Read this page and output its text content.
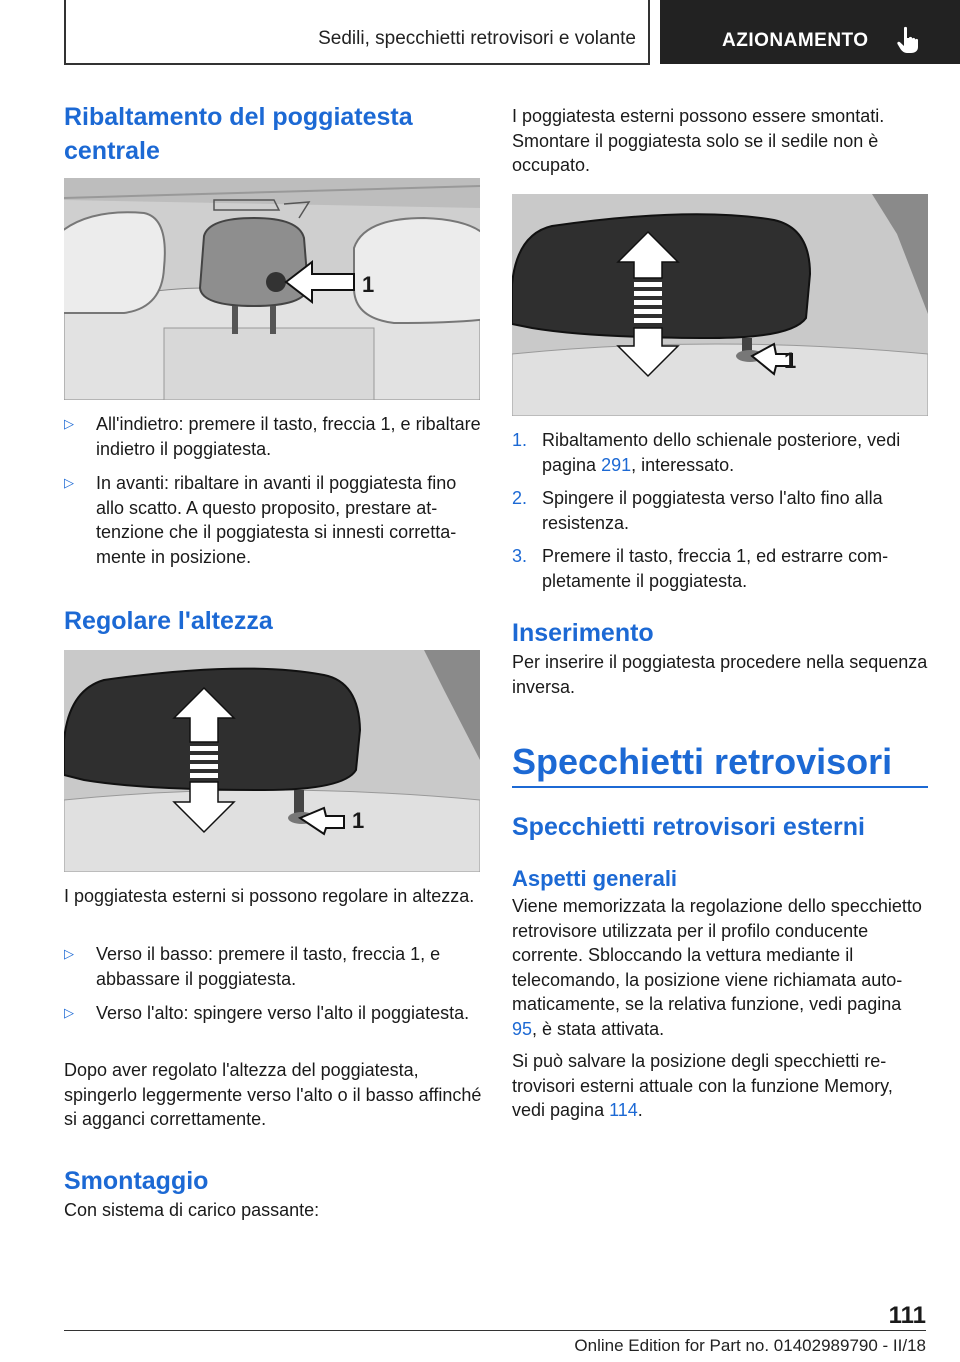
Sedili, specchietti retrovisori e volante	AZIONAMENTO
Ribaltamento del poggiatesta centrale
1
▷ All'indietro: premere il tasto, freccia 1, e ribaltare indietro il poggiatesta.
▷ In avanti: ribaltare in avanti il poggiatesta fino allo scatto. A questo proposito, prestare attenzione che il poggiatesta si innesti correttamente in posizione.
Regolare l'altezza
1

I poggiatesta esterni si possono regolare in altezza.

▷ Verso il basso: premere il tasto, freccia 1, e abbassare il poggiatesta.
▷ Verso l'alto: spingere verso l'alto il poggiatesta.

Dopo aver regolato l'altezza del poggiatesta, spingerlo leggermente verso l'alto o il basso affinché si agganci correttamente.

Smontaggio

Con sistema di carico passante:

I poggiatesta esterni possono essere smontati. Smontare il poggiatesta solo se il sedile non è occupato.

1
1. Ribaltamento dello schienale posteriore, vedi pagina 291, interessato.
2. Spingere il poggiatesta verso l'alto fino alla resistenza.
3. Premere il tasto, freccia 1, ed estrarre completamente il poggiatesta.
Inserimento

Per inserire il poggiatesta procedere nella sequenza inversa.

Specchietti retrovisori
Specchietti retrovisori esterni
Aspetti generali

Viene memorizzata la regolazione dello specchietto retrovisore utilizzata per il profilo conducente corrente. Sbloccando la vettura mediante il telecomando, la posizione viene richiamata automaticamente, se la relativa funzione, vedi pagina 95, è stata attivata.

Si può salvare la posizione degli specchietti retrovisori esterni attuale con la funzione Memory, vedi pagina 114.

111
Online Edition for Part no. 01402989790 - II/18
